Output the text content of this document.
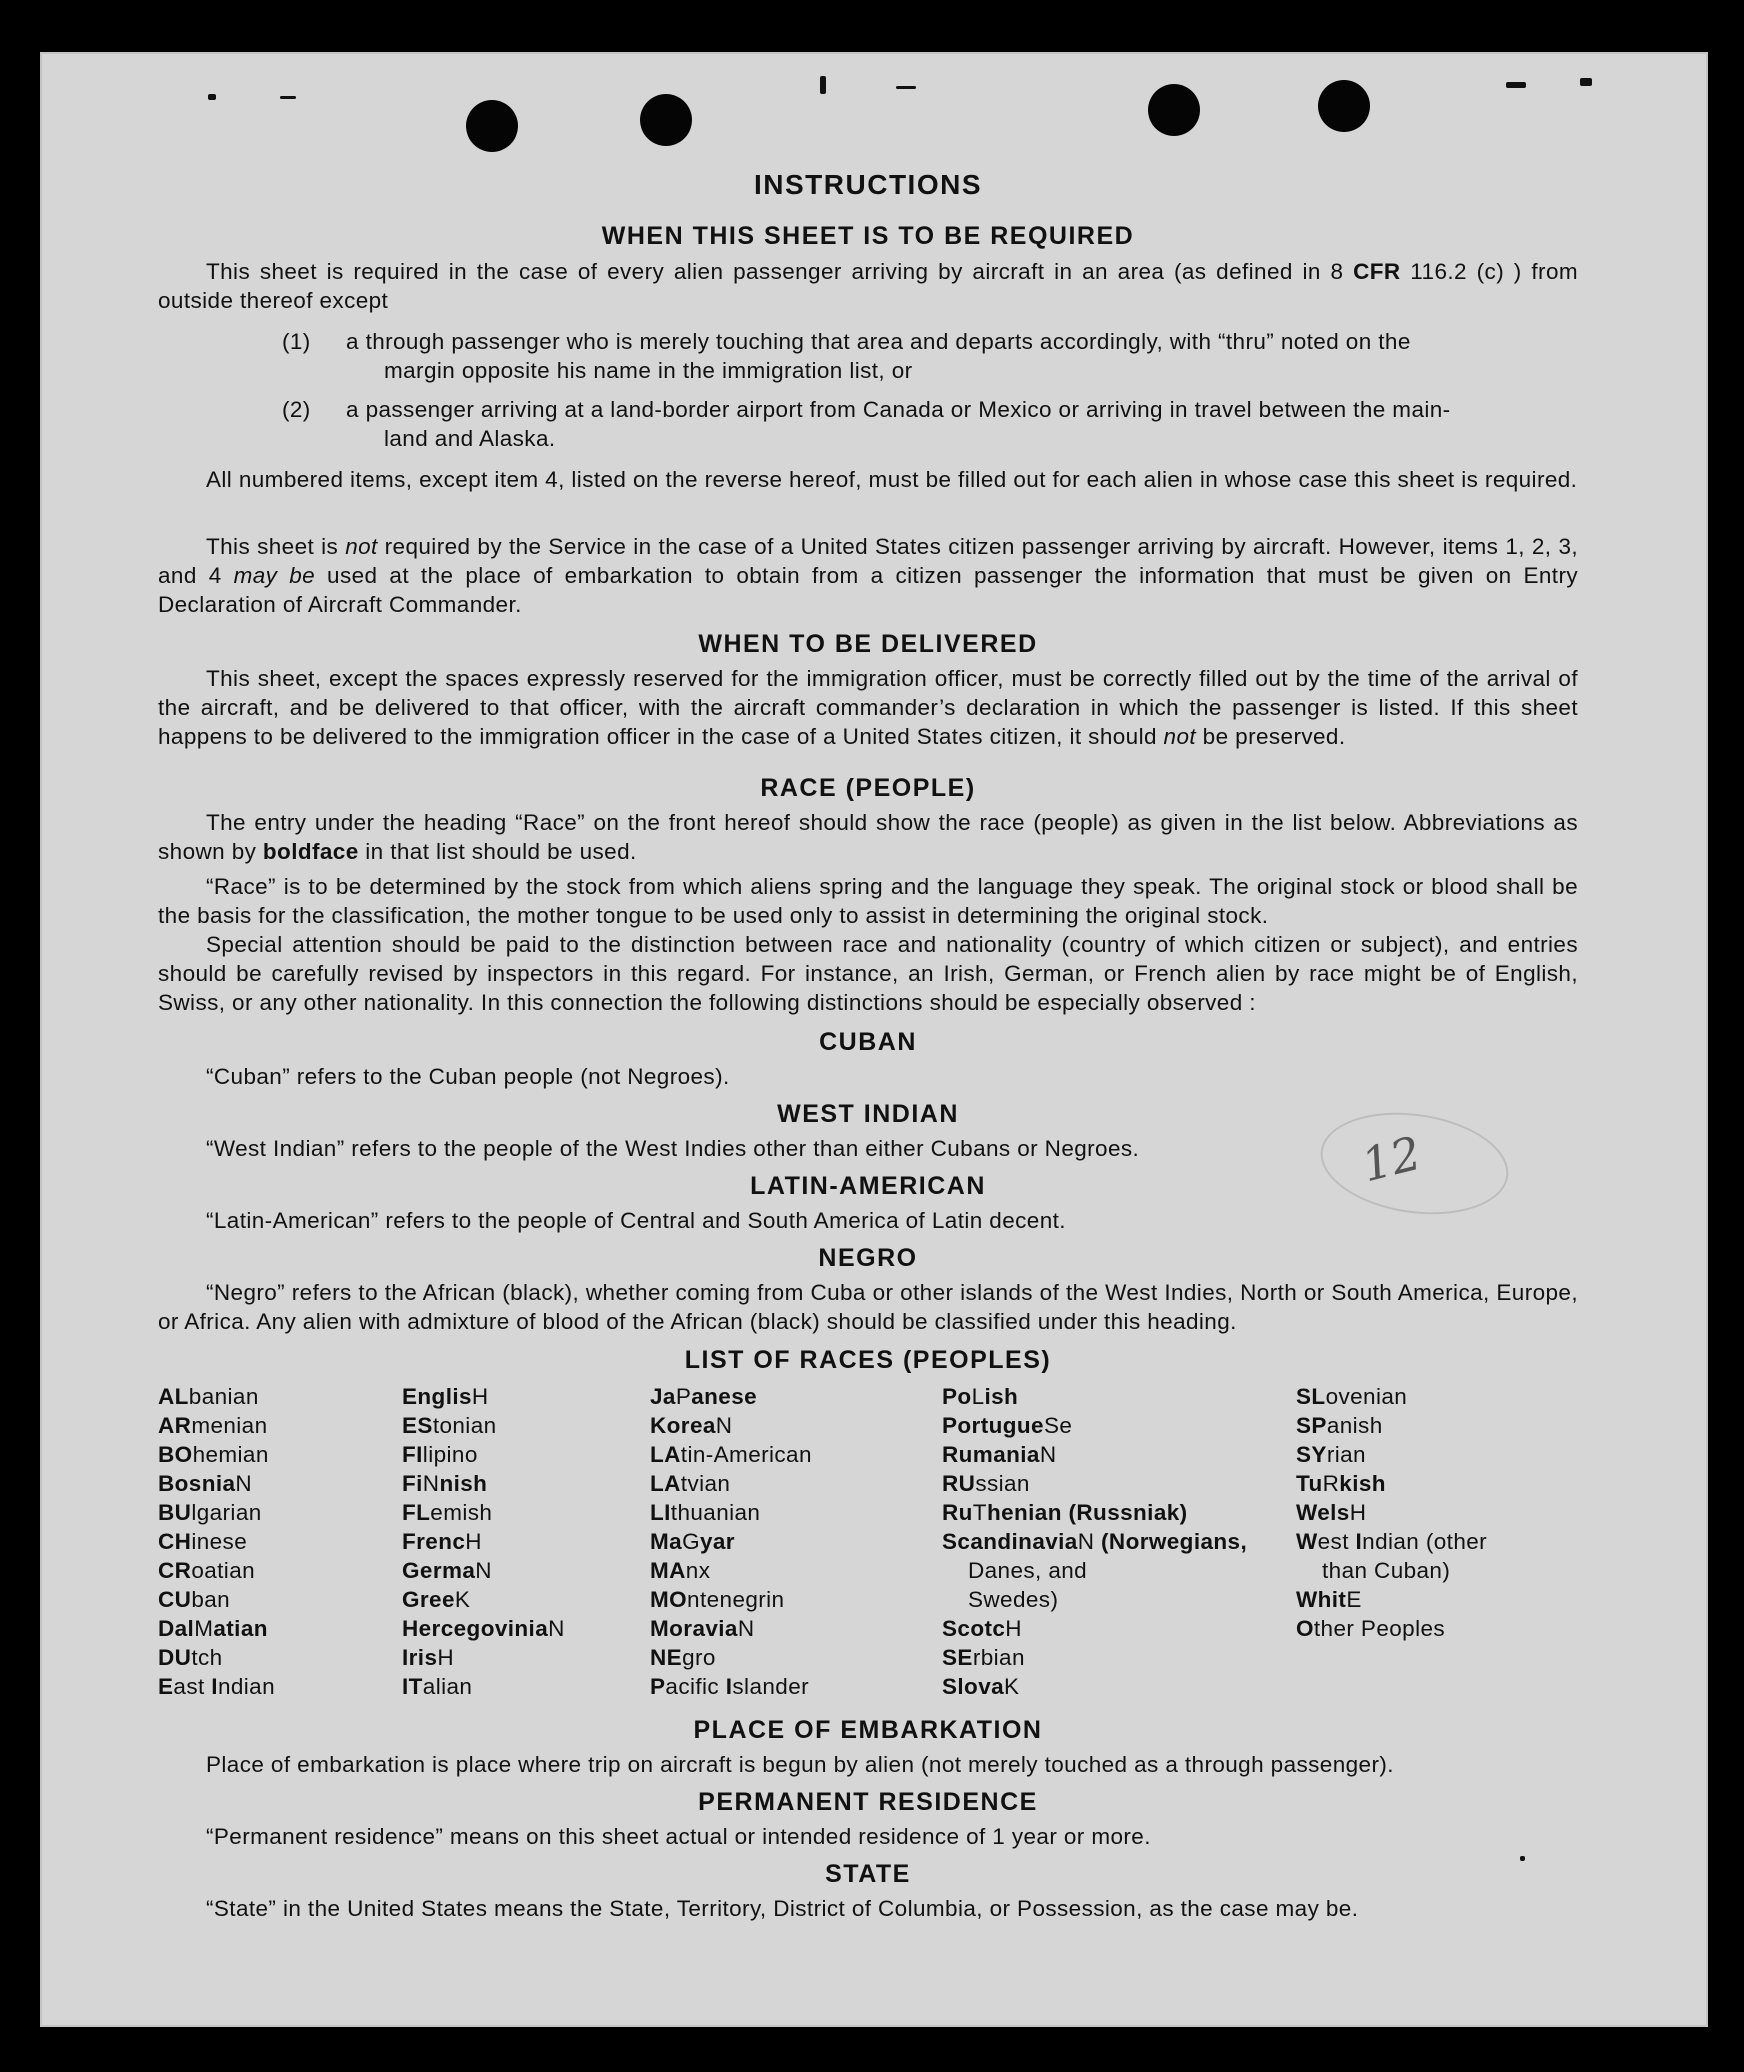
INSTRUCTIONS
WHEN THIS SHEET IS TO BE REQUIRED

This sheet is required in the case of every alien passenger arriving by aircraft in an area (as defined in 8 CFR 116.2 (c) ) from outside thereof except

(1) a through passenger who is merely touching that area and departs accordingly, with “thru” noted on the
margin opposite his name in the immigration list, or
(2) a passenger arriving at a land-border airport from Canada or Mexico or arriving in travel between the main-
land and Alaska.

All numbered items, except item 4, listed on the reverse hereof, must be filled out for each alien in whose case this sheet is required.

This sheet is not required by the Service in the case of a United States citizen passenger arriving by aircraft. However, items 1, 2, 3, and 4 may be used at the place of embarkation to obtain from a citizen passenger the information that must be given on Entry Declaration of Aircraft Commander.

WHEN TO BE DELIVERED

This sheet, except the spaces expressly reserved for the immigration officer, must be correctly filled out by the time of the arrival of the aircraft, and be delivered to that officer, with the aircraft commander’s declaration in which the passenger is listed. If this sheet happens to be delivered to the immigration officer in the case of a United States citizen, it should not be preserved.

RACE (PEOPLE)

The entry under the heading “Race” on the front hereof should show the race (people) as given in the list below. Abbreviations as shown by boldface in that list should be used.

“Race” is to be determined by the stock from which aliens spring and the language they speak. The original stock or blood shall be the basis for the classification, the mother tongue to be used only to assist in determining the original stock.

Special attention should be paid to the distinction between race and nationality (country of which citizen or subject), and entries should be carefully revised by inspectors in this regard. For instance, an Irish, German, or French alien by race might be of English, Swiss, or any other nationality. In this connection the following distinctions should be especially observed :

CUBAN

“Cuban” refers to the Cuban people (not Negroes).

WEST INDIAN

“West Indian” refers to the people of the West Indies other than either Cubans or Negroes.

LATIN-AMERICAN

“Latin-American” refers to the people of Central and South America of Latin decent.

NEGRO

“Negro” refers to the African (black), whether coming from Cuba or other islands of the West Indies, North or South America, Europe, or Africa. Any alien with admixture of blood of the African (black) should be classified under this heading.

LIST OF RACES (PEOPLES)
ALbanian
ARmenian
BOhemian
BosniaN
BUlgarian
CHinese
CRoatian
CUban
DalMatian
DUtch
East Indian
EnglisH
EStonian
FIlipino
FiNnish
FLemish
FrencH
GermaN
GreeK
HercegoviniaN
IrisH
ITalian
JaPanese
KoreaN
LAtin-American
LAtvian
LIthuanian
MaGyar
MAnx
MOntenegrin
MoraviaN
NEgro
Pacific Islander
PoLish
PortugueSe
RumaniaN
RUssian
RuThenian (Russniak)
ScandinaviaN (Norwegians,
Danes, and
Swedes)
ScotcH
SErbian
SlovaK
SLovenian
SPanish
SYrian
TuRkish
WelsH
West Indian (other
than Cuban)
WhitE
Other Peoples
PLACE OF EMBARKATION

Place of embarkation is place where trip on aircraft is begun by alien (not merely touched as a through passenger).

PERMANENT RESIDENCE

“Permanent residence” means on this sheet actual or intended residence of 1 year or more.

STATE

“State” in the United States means the State, Territory, District of Columbia, or Possession, as the case may be.

12
